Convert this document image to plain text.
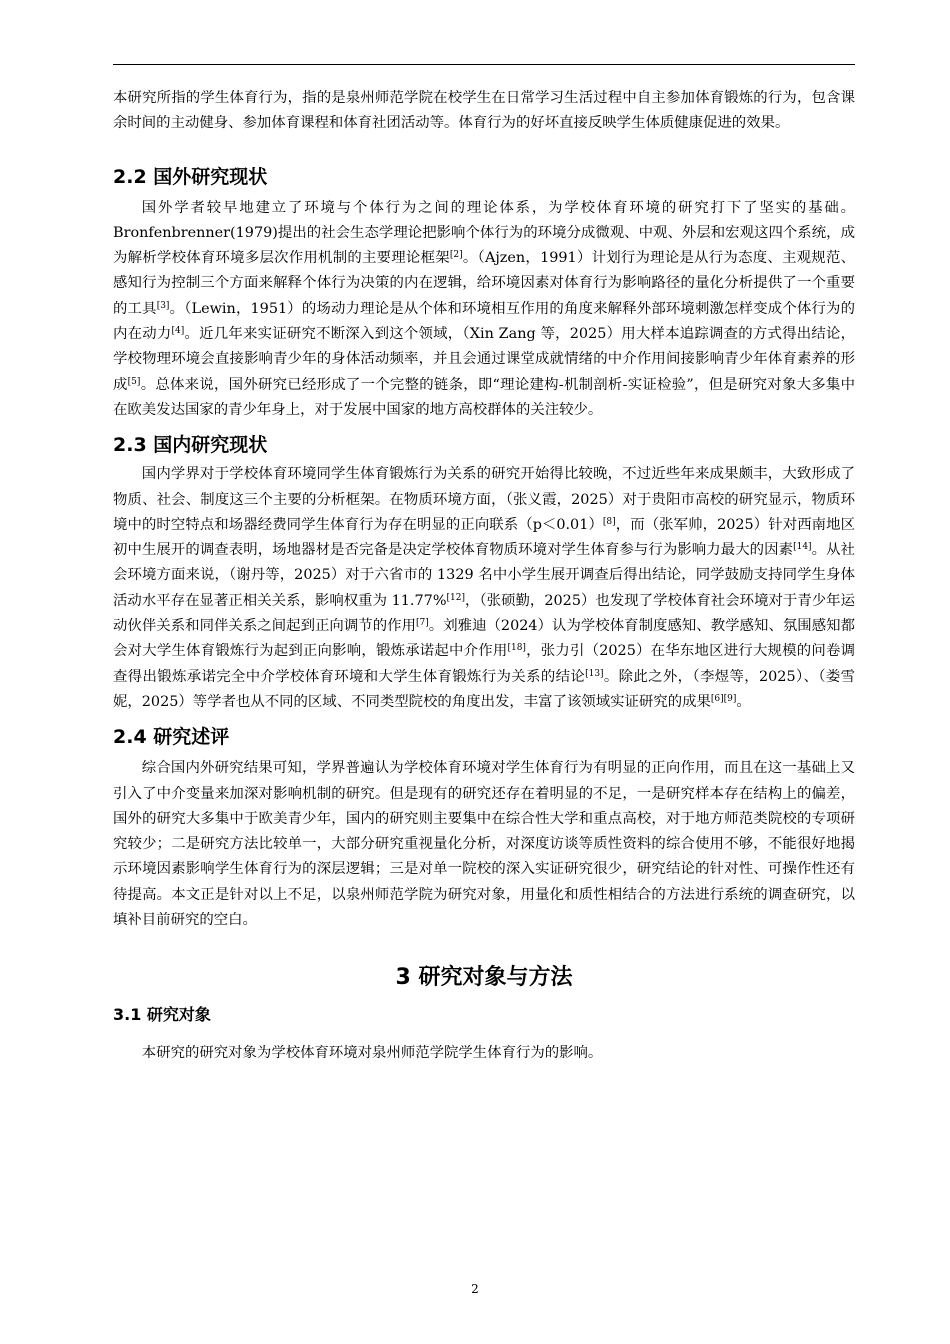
本研究所指的学生体育行为，指的是泉州师范学院在校学生在日常学习生活过程中自主参加体育锻炼的行为，包含课余时间的主动健身、参加体育课程和体育社团活动等。体育行为的好坏直接反映学生体质健康促进的效果。

2.2 国外研究现状

国外学者较早地建立了环境与个体行为之间的理论体系，为学校体育环境的研究打下了坚实的基础。Bronfenbrenner(1979)提出的社会生态学理论把影响个体行为的环境分成微观、中观、外层和宏观这四个系统，成为解析学校体育环境多层次作用机制的主要理论框架[2]。（Ajzen，1991）计划行为理论是从行为态度、主观规范、感知行为控制三个方面来解释个体行为决策的内在逻辑，给环境因素对体育行为影响路径的量化分析提供了一个重要的工具[3]。（Lewin，1951）的场动力理论是从个体和环境相互作用的角度来解释外部环境刺激怎样变成个体行为的内在动力[4]。近几年来实证研究不断深入到这个领域，（Xin Zang 等，2025）用大样本追踪调查的方式得出结论，学校物理环境会直接影响青少年的身体活动频率，并且会通过课堂成就情绪的中介作用间接影响青少年体育素养的形成[5]。总体来说，国外研究已经形成了一个完整的链条，即“理论建构-机制剖析-实证检验”，但是研究对象大多集中在欧美发达国家的青少年身上，对于发展中国家的地方高校群体的关注较少。

2.3 国内研究现状

国内学界对于学校体育环境同学生体育锻炼行为关系的研究开始得比较晚，不过近些年来成果颇丰，大致形成了物质、社会、制度这三个主要的分析框架。在物质环境方面，（张义霞，2025）对于贵阳市高校的研究显示，物质环境中的时空特点和场器经费同学生体育行为存在明显的正向联系（p＜0.01）[8]，而（张军帅，2025）针对西南地区初中生展开的调查表明，场地器材是否完备是决定学校体育物质环境对学生体育参与行为影响力最大的因素[14]。从社会环境方面来说，（谢丹等，2025）对于六省市的 1329 名中小学生展开调查后得出结论，同学鼓励支持同学生身体活动水平存在显著正相关关系，影响权重为 11.77%[12]，（张硕勤，2025）也发现了学校体育社会环境对于青少年运动伙伴关系和同伴关系之间起到正向调节的作用[7]。刘雅迪（2024）认为学校体育制度感知、教学感知、氛围感知都会对大学生体育锻炼行为起到正向影响，锻炼承诺起中介作用[18]，张力引（2025）在华东地区进行大规模的问卷调查得出锻炼承诺完全中介学校体育环境和大学生体育锻炼行为关系的结论[13]。除此之外，（李煜等，2025）、（娄雪妮，2025）等学者也从不同的区域、不同类型院校的角度出发，丰富了该领域实证研究的成果[6][9]。

2.4 研究述评

综合国内外研究结果可知，学界普遍认为学校体育环境对学生体育行为有明显的正向作用，而且在这一基础上又引入了中介变量来加深对影响机制的研究。但是现有的研究还存在着明显的不足，一是研究样本存在结构上的偏差，国外的研究大多集中于欧美青少年，国内的研究则主要集中在综合性大学和重点高校，对于地方师范类院校的专项研究较少；二是研究方法比较单一，大部分研究重视量化分析，对深度访谈等质性资料的综合使用不够，不能很好地揭示环境因素影响学生体育行为的深层逻辑；三是对单一院校的深入实证研究很少，研究结论的针对性、可操作性还有待提高。本文正是针对以上不足，以泉州师范学院为研究对象，用量化和质性相结合的方法进行系统的调查研究，以填补目前研究的空白。

3 研究对象与方法
3.1 研究对象

本研究的研究对象为学校体育环境对泉州师范学院学生体育行为的影响。

2
